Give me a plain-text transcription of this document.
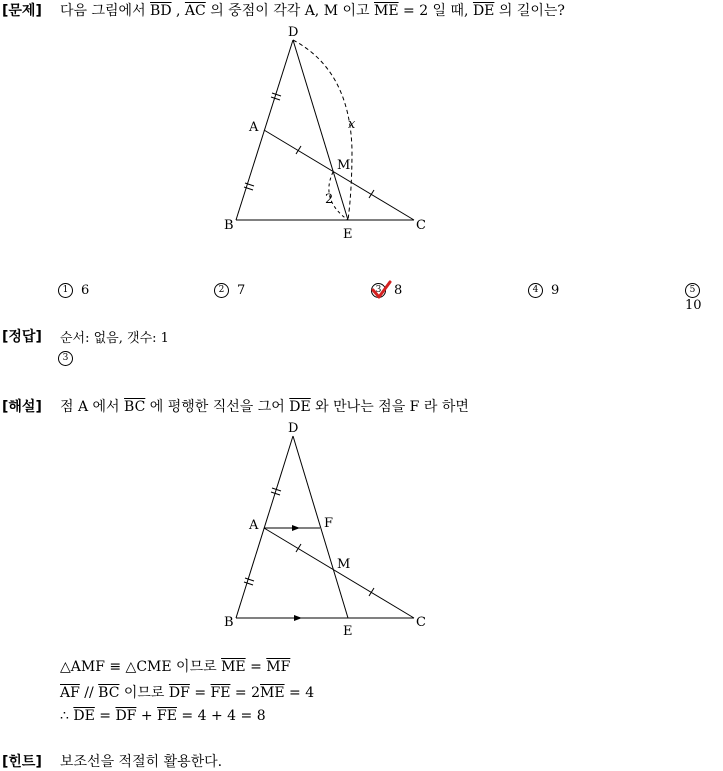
[문제] 다음 그림에서 $\overline{BD}$ , $\overline{AC}$ 의 중점이 각각 A, M 이고 $\overline{ME} = 2$ 일 때, $\overline{DE}$ 의 길이는?
D
A
M
B
E
C
x
2
1 6	2 7	3 8	4 9	510
[정답] 순서: 없음, 갯수: 1
3
[해설] 점 A 에서 $\overline{BC}$ 에 평행한 직선을 그어 $\overline{DE}$ 와 만나는 점을 F 라 하면
D
A	F
M
B
E
C
△AMF ≡ △CME 이므로 $\overline{ME} = \overline{MF}$
$\overline{AF} // \overline{BC}$ 이므로 $\overline{DF} = \overline{FE} = 2\overline{ME} = 4$
∴ $\overline{DE} = \overline{DF} + \overline{FE} = 4 + 4 = 8$
[힌트] 보조선을 적절히 활용한다.
